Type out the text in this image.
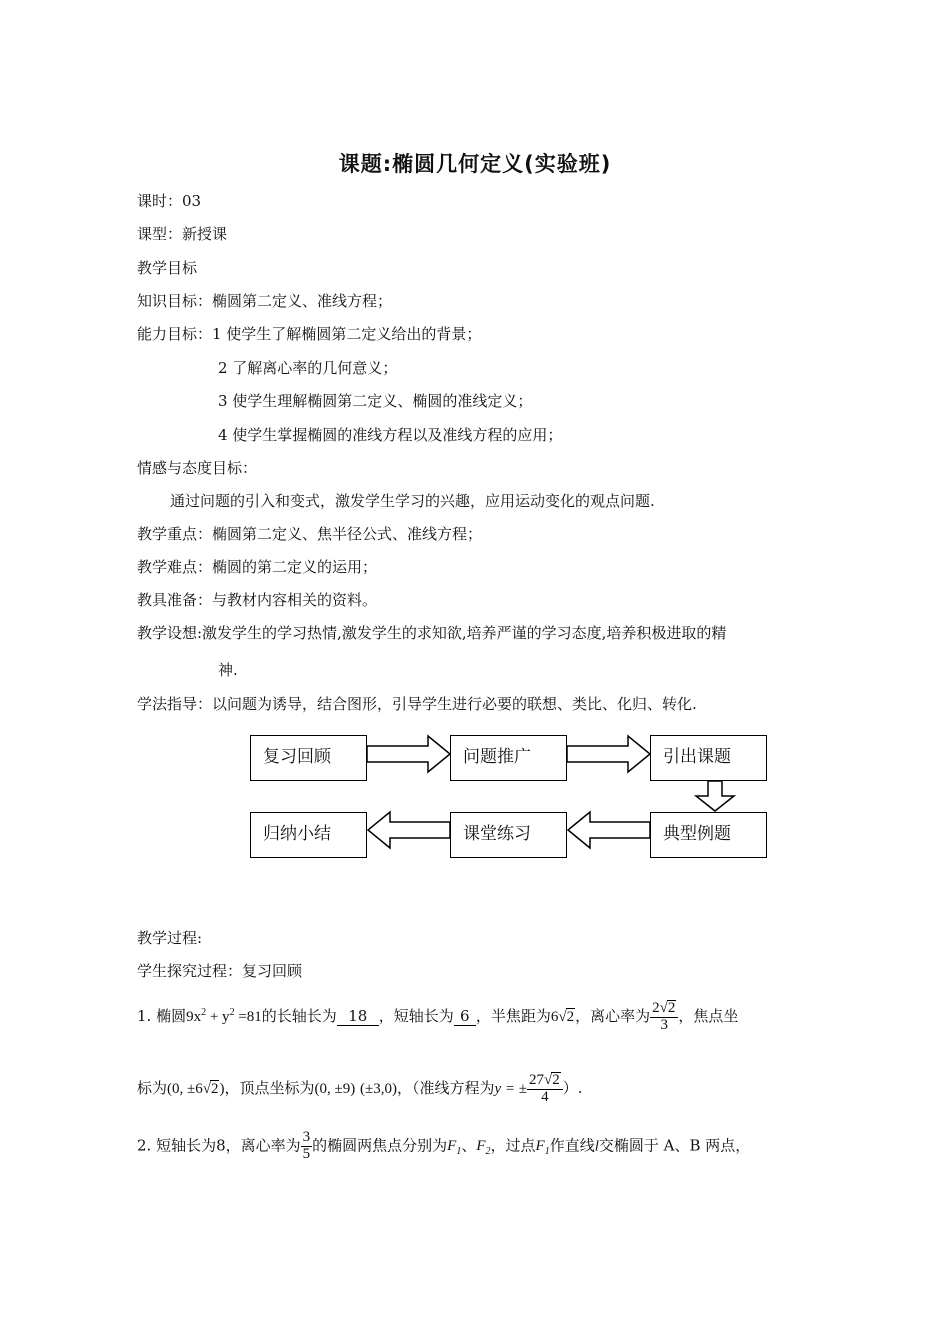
课题:椭圆几何定义(实验班)
课时：03
课型：新授课
教学目标
知识目标：椭圆第二定义、准线方程；
能力目标：1 使学生了解椭圆第二定义给出的背景；
2 了解离心率的几何意义；
3 使学生理解椭圆第二定义、椭圆的准线定义；
4 使学生掌握椭圆的准线方程以及准线方程的应用；
情感与态度目标：
通过问题的引入和变式，激发学生学习的兴趣，应用运动变化的观点问题.
教学重点：椭圆第二定义、焦半径公式、准线方程；
教学难点：椭圆的第二定义的运用；
教具准备：与教材内容相关的资料。
教学设想:激发学生的学习热情,激发学生的求知欲,培养严谨的学习态度,培养积极进取的精
神.
学法指导：以问题为诱导，结合图形，引导学生进行必要的联想、类比、化归、转化.
复习回顾	问题推广	引出课题
典型例题
课堂练习
归纳小结
教学过程:
学生探究过程：复习回顾
1. 椭圆$9x^2 + y^2 =81$的长轴长为 18 ，短轴长为 6 ，半焦距为6√2，离心率为 $\frac{2√2}{3}$ ，焦点坐
标为(0, ±6√2)，顶点坐标为(0, ±9) (±3,0)，（准线方程为y = ± $\frac{27√2}{4}$ ）.
2. 短轴长为8，离心率为 $\frac{3}{5}$ 的椭圆两焦点分别为$F_1$、$F_2$，过点$F_1$作直线l交椭圆于 A、B 两点，
